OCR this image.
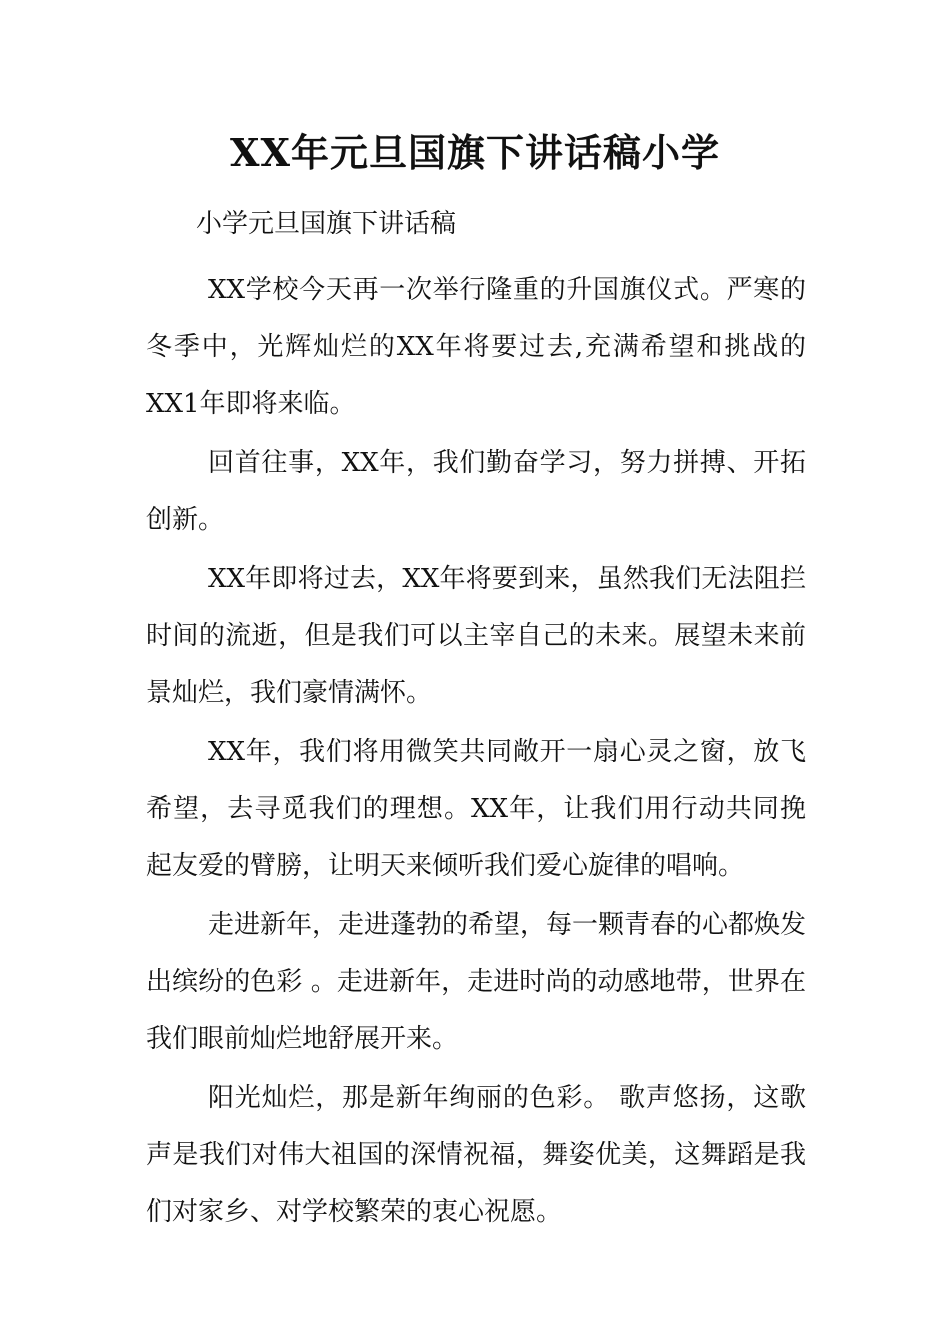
XX年元旦国旗下讲话稿小学
小学元旦国旗下讲话稿

XX学校今天再一次举行隆重的升国旗仪式。严寒的冬季中，光辉灿烂的XX年将要过去,充满希望和挑战的XX1年即将来临。

回首往事，XX年，我们勤奋学习，努力拼搏、开拓创新。

XX年即将过去，XX年将要到来，虽然我们无法阻拦时间的流逝，但是我们可以主宰自己的未来。展望未来前景灿烂，我们豪情满怀。

XX年，我们将用微笑共同敞开一扇心灵之窗，放飞希望，去寻觅我们的理想。XX年，让我们用行动共同挽起友爱的臂膀，让明天来倾听我们爱心旋律的唱响。

走进新年，走进蓬勃的希望，每一颗青春的心都焕发出缤纷的色彩 。走进新年，走进时尚的动感地带，世界在我们眼前灿烂地舒展开来。

阳光灿烂，那是新年绚丽的色彩。 歌声悠扬，这歌声是我们对伟大祖国的深情祝福，舞姿优美，这舞蹈是我们对家乡、对学校繁荣的衷心祝愿。
